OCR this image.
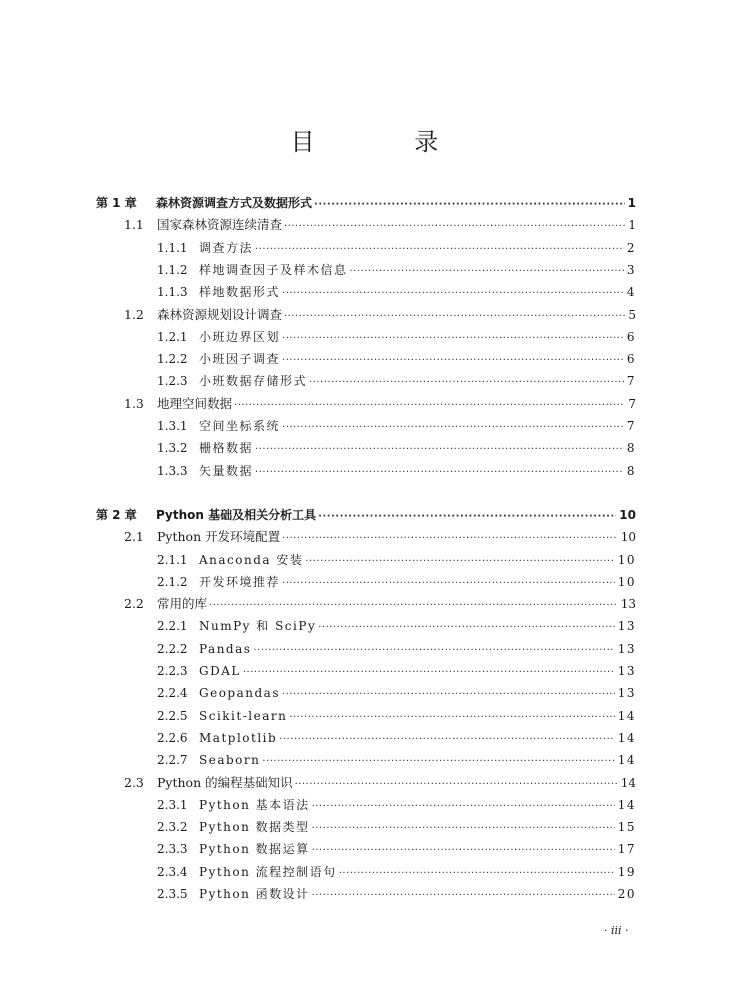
目 录
第 1 章 森林资源调查方式及数据形式 ·····	1
1.1 国家森林资源连续清查 ·····	1
1.1.1 调查方法 ·····	2
1.1.2 样地调查因子及样木信息 ·····	3
1.1.3 样地数据形式 ·····	4
1.2 森林资源规划设计调查 ·····	5
1.2.1 小班边界区划 ·····	6
1.2.2 小班因子调查 ·····	6
1.2.3 小班数据存储形式 ·····	7
1.3 地理空间数据 ·····	7
1.3.1 空间坐标系统 ·····	7
1.3.2 栅格数据 ·····	8
1.3.3 矢量数据 ·····	8
第 2 章 Python 基础及相关分析工具 ·····	10
2.1 Python 开发环境配置 ·····	10
2.1.1 Anaconda 安装 ·····	10
2.1.2 开发环境推荐 ·····	10
2.2 常用的库 ·····	13
2.2.1 NumPy 和 SciPy ·····	13
2.2.2 Pandas ·····	13
2.2.3 GDAL ·····	13
2.2.4 Geopandas ·····	13
2.2.5 Scikit-learn ·····	14
2.2.6 Matplotlib ·····	14
2.2.7 Seaborn ·····	14
2.3 Python 的编程基础知识 ·····	14
2.3.1 Python 基本语法 ·····	14
2.3.2 Python 数据类型 ·····	15
2.3.3 Python 数据运算 ·····	17
2.3.4 Python 流程控制语句 ·····	19
2.3.5 Python 函数设计 ·····	20
· iii ·
